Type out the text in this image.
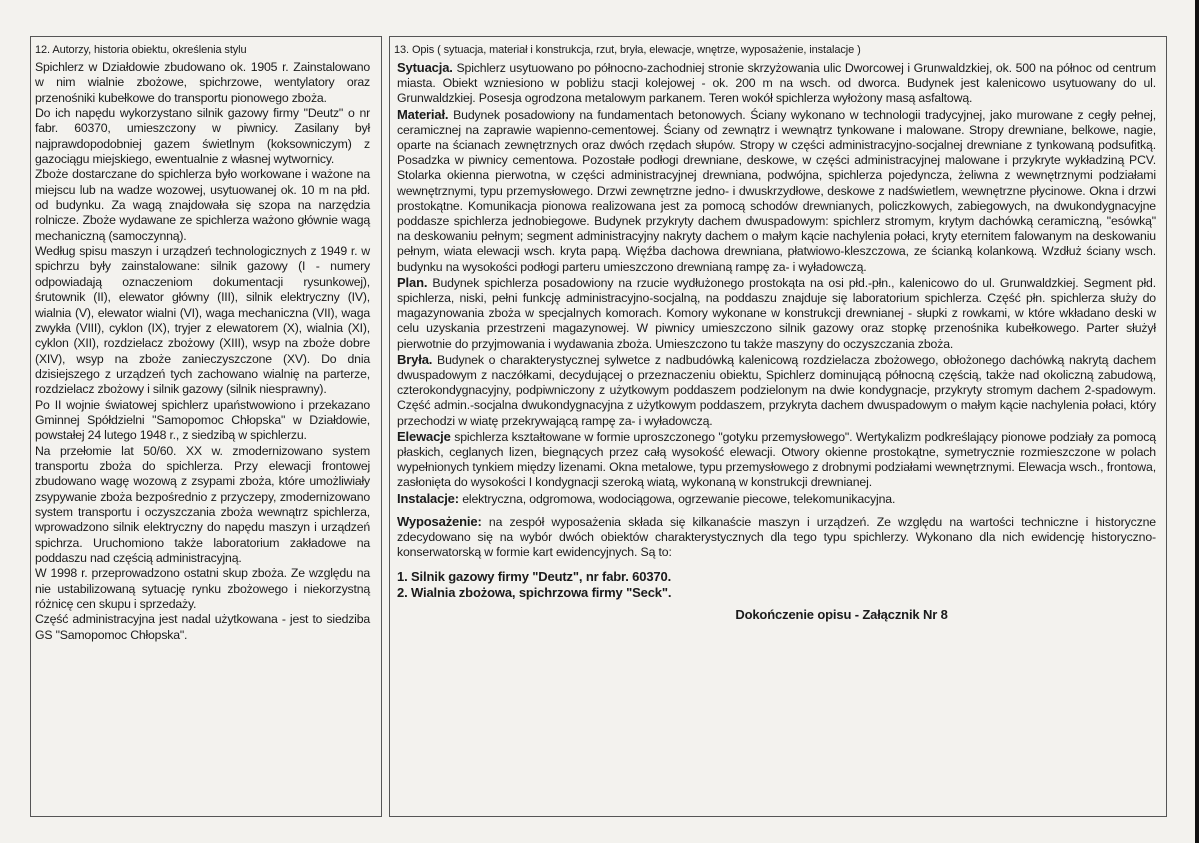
12. Autorzy, historia obiektu, określenia stylu

Spichlerz w Działdowie zbudowano ok. 1905 r. Zainstalowano w nim wialnie zbożowe, spichrzowe, wentylatory oraz przenośniki kubełkowe do transportu pionowego zboża.

Do ich napędu wykorzystano silnik gazowy firmy "Deutz" o nr fabr. 60370, umieszczony w piwnicy. Zasilany był najprawdopodobniej gazem świetlnym (koksowniczym) z gazociągu miejskiego, ewentualnie z własnej wytwornicy.

Zboże dostarczane do spichlerza było workowane i ważone na miejscu lub na wadze wozowej, usytuowanej ok. 10 m na płd. od budynku. Za wagą znajdowała się szopa na narzędzia rolnicze. Zboże wydawane ze spichlerza ważono głównie wagą mechaniczną (samoczynną).

Według spisu maszyn i urządzeń technologicznych z 1949 r. w spichrzu były zainstalowane: silnik gazowy (I - numery odpowiadają oznaczeniom dokumentacji rysunkowej), śrutownik (II), elewator główny (III), silnik elektryczny (IV), wialnia (V), elewator wialni (VI), waga mechaniczna (VII), waga zwykła (VIII), cyklon (IX), tryjer z elewatorem (X), wialnia (XI), cyklon (XII), rozdzielacz zbożowy (XIII), wsyp na zboże dobre (XIV), wsyp na zboże zanieczyszczone (XV). Do dnia dzisiejszego z urządzeń tych zachowano wialnię na parterze, rozdzielacz zbożowy i silnik gazowy (silnik niesprawny).

Po II wojnie światowej spichlerz upaństwowiono i przekazano Gminnej Spółdzielni "Samopomoc Chłopska" w Działdowie, powstałej 24 lutego 1948 r., z siedzibą w spichlerzu.

Na przełomie lat 50/60. XX w. zmodernizowano system transportu zboża do spichlerza. Przy elewacji frontowej zbudowano wagę wozową z zsypami zboża, które umożliwiały zsypywanie zboża bezpośrednio z przyczepy, zmodernizowano system transportu i oczyszczania zboża wewnątrz spichlerza, wprowadzono silnik elektryczny do napędu maszyn i urządzeń spichrza. Uruchomiono także laboratorium zakładowe na poddaszu nad częścią administracyjną.

W 1998 r. przeprowadzono ostatni skup zboża. Ze względu na nie ustabilizowaną sytuację rynku zbożowego i niekorzystną różnicę cen skupu i sprzedaży.

Część administracyjna jest nadal użytkowana - jest to siedziba GS "Samopomoc Chłopska".

13. Opis ( sytuacja, materiał i konstrukcja, rzut, bryła, elewacje, wnętrze, wyposażenie, instalacje )

Sytuacja. Spichlerz usytuowano po północno-zachodniej stronie skrzyżowania ulic Dworcowej i Grunwaldzkiej, ok. 500 na północ od centrum miasta. Obiekt wzniesiono w pobliżu stacji kolejowej - ok. 200 m na wsch. od dworca. Budynek jest kalenicowo usytuowany do ul. Grunwaldzkiej. Posesja ogrodzona metalowym parkanem. Teren wokół spichlerza wyłożony masą asfaltową.

Materiał. Budynek posadowiony na fundamentach betonowych. Ściany wykonano w technologii tradycyjnej, jako murowane z cegły pełnej, ceramicznej na zaprawie wapienno-cementowej. Ściany od zewnątrz i wewnątrz tynkowane i malowane. Stropy drewniane, belkowe, nagie, oparte na ścianach zewnętrznych oraz dwóch rzędach słupów. Stropy w części administracyjno-socjalnej drewniane z tynkowaną podsufitką. Posadzka w piwnicy cementowa. Pozostałe podłogi drewniane, deskowe, w części administracyjnej malowane i przykryte wykładziną PCV. Stolarka okienna pierwotna, w części administracyjnej drewniana, podwójna, spichlerza pojedyncza, żeliwna z wewnętrznymi podziałami wewnętrznymi, typu przemysłowego. Drzwi zewnętrzne jedno- i dwuskrzydłowe, deskowe z nadświetlem, wewnętrzne płycinowe. Okna i drzwi prostokątne. Komunikacja pionowa realizowana jest za pomocą schodów drewnianych, policzkowych, zabiegowych, na dwukondygnacyjne poddasze spichlerza jednobiegowe. Budynek przykryty dachem dwuspadowym: spichlerz stromym, krytym dachówką ceramiczną, "esówką" na deskowaniu pełnym; segment administracyjny nakryty dachem o małym kącie nachylenia połaci, kryty eternitem falowanym na deskowaniu pełnym, wiata elewacji wsch. kryta papą. Więźba dachowa drewniana, płatwiowo-kleszczowa, ze ścianką kolankową. Wzdłuż ściany wsch. budynku na wysokości podłogi parteru umieszczono drewnianą rampę za- i wyładowczą.

Plan. Budynek spichlerza posadowiony na rzucie wydłużonego prostokąta na osi płd.-płn., kalenicowo do ul. Grunwaldzkiej. Segment płd. spichlerza, niski, pełni funkcję administracyjno-socjalną, na poddaszu znajduje się laboratorium spichlerza. Część płn. spichlerza służy do magazynowania zboża w specjalnych komorach. Komory wykonane w konstrukcji drewnianej - słupki z rowkami, w które wkładano deski w celu uzyskania przestrzeni magazynowej. W piwnicy umieszczono silnik gazowy oraz stopkę przenośnika kubełkowego. Parter służył pierwotnie do przyjmowania i wydawania zboża. Umieszczono tu także maszyny do oczyszczania zboża.

Bryła. Budynek o charakterystycznej sylwetce z nadbudówką kalenicową rozdzielacza zbożowego, obłożonego dachówką nakrytą dachem dwuspadowym z naczółkami, decydującej o przeznaczeniu obiektu, Spichlerz dominującą północną częścią, także nad okoliczną zabudową, czterokondygnacyjny, podpiwniczony z użytkowym poddaszem podzielonym na dwie kondygnacje, przykryty stromym dachem 2-spadowym. Część admin.-socjalna dwukondygnacyjna z użytkowym poddaszem, przykryta dachem dwuspadowym o małym kącie nachylenia połaci, który przechodzi w wiatę przekrywającą rampę za- i wyładowczą.

Elewacje spichlerza kształtowane w formie uproszczonego "gotyku przemysłowego". Wertykalizm podkreślający pionowe podziały za pomocą płaskich, ceglanych lizen, biegnących przez całą wysokość elewacji. Otwory okienne prostokątne, symetrycznie rozmieszczone w polach wypełnionych tynkiem między lizenami. Okna metalowe, typu przemysłowego z drobnymi podziałami wewnętrznymi. Elewacja wsch., frontowa, zasłonięta do wysokości I kondygnacji szeroką wiatą, wykonaną w konstrukcji drewnianej.

Instalacje: elektryczna, odgromowa, wodociągowa, ogrzewanie piecowe, telekomunikacyjna.

Wyposażenie: na zespół wyposażenia składa się kilkanaście maszyn i urządzeń. Ze względu na wartości techniczne i historyczne zdecydowano się na wybór dwóch obiektów charakterystycznych dla tego typu spichlerzy. Wykonano dla nich ewidencję historyczno-konserwatorską w formie kart ewidencyjnych. Są to:

1. Silnik gazowy firmy "Deutz", nr fabr. 60370.
2. Wialnia zbożowa, spichrzowa firmy "Seck".
Dokończenie opisu - Załącznik Nr 8
